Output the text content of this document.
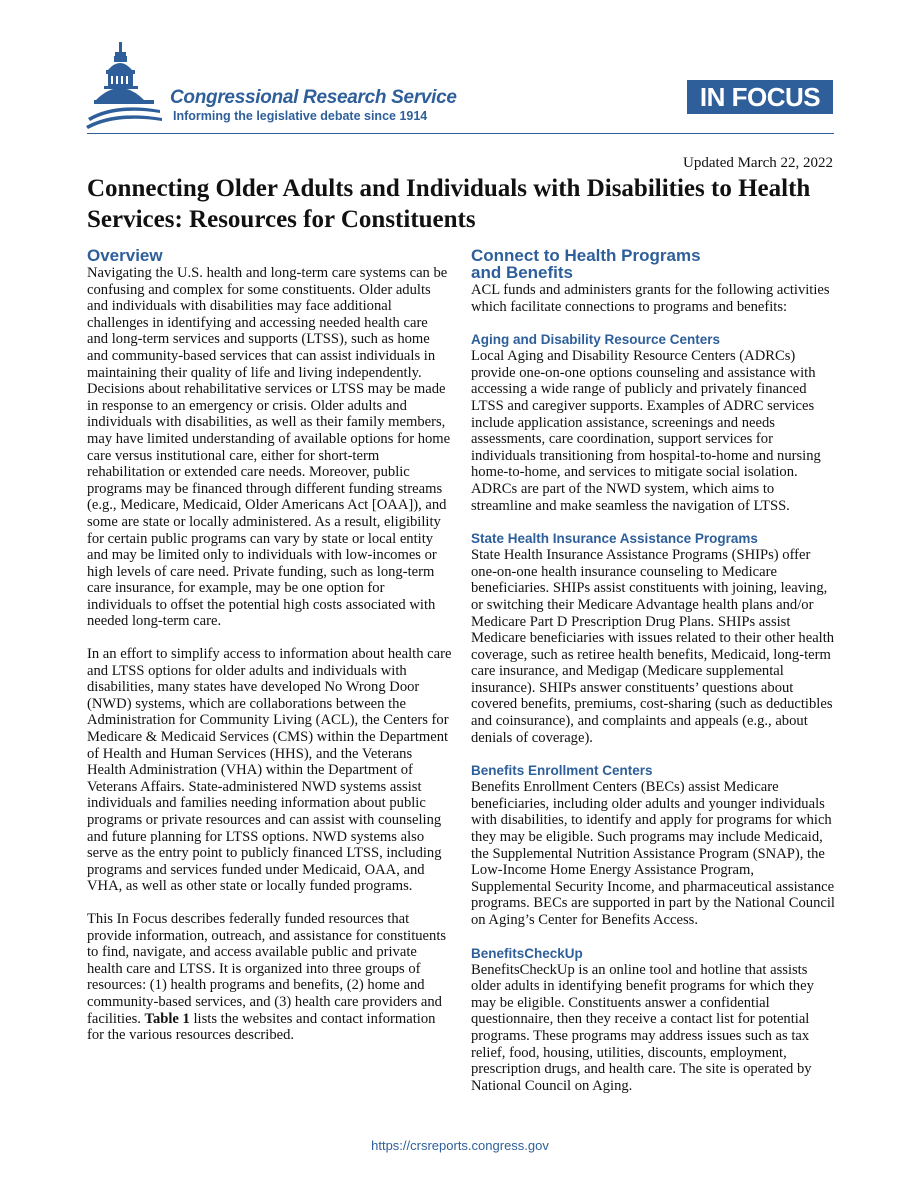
Congressional Research Service
Informing the legislative debate since 1914
IN FOCUS
Updated March 22, 2022
Connecting Older Adults and Individuals with Disabilities to Health Services: Resources for Constituents
Overview

Navigating the U.S. health and long-term care systems can be confusing and complex for some constituents. Older adults and individuals with disabilities may face additional challenges in identifying and accessing needed health care and long-term services and supports (LTSS), such as home and community-based services that can assist individuals in maintaining their quality of life and living independently. Decisions about rehabilitative services or LTSS may be made in response to an emergency or crisis. Older adults and individuals with disabilities, as well as their family members, may have limited understanding of available options for home care versus institutional care, either for short-term rehabilitation or extended care needs. Moreover, public programs may be financed through different funding streams (e.g., Medicare, Medicaid, Older Americans Act [OAA]), and some are state or locally administered. As a result, eligibility for certain public programs can vary by state or local entity and may be limited only to individuals with low-incomes or high levels of care need. Private funding, such as long-term care insurance, for example, may be one option for individuals to offset the potential high costs associated with needed long-term care.

In an effort to simplify access to information about health care and LTSS options for older adults and individuals with disabilities, many states have developed No Wrong Door (NWD) systems, which are collaborations between the Administration for Community Living (ACL), the Centers for Medicare & Medicaid Services (CMS) within the Department of Health and Human Services (HHS), and the Veterans Health Administration (VHA) within the Department of Veterans Affairs. State-administered NWD systems assist individuals and families needing information about public programs or private resources and can assist with counseling and future planning for LTSS options. NWD systems also serve as the entry point to publicly financed LTSS, including programs and services funded under Medicaid, OAA, and VHA, as well as other state or locally funded programs.

This In Focus describes federally funded resources that provide information, outreach, and assistance for constituents to find, navigate, and access available public and private health care and LTSS. It is organized into three groups of resources: (1) health programs and benefits, (2) home and community-based services, and (3) health care providers and facilities. Table 1 lists the websites and contact information for the various resources described.

Connect to Health Programs
and Benefits

ACL funds and administers grants for the following activities which facilitate connections to programs and benefits:

Aging and Disability Resource Centers

Local Aging and Disability Resource Centers (ADRCs) provide one-on-one options counseling and assistance with accessing a wide range of publicly and privately financed LTSS and caregiver supports. Examples of ADRC services include application assistance, screenings and needs assessments, care coordination, support services for individuals transitioning from hospital-to-home and nursing home-to-home, and services to mitigate social isolation. ADRCs are part of the NWD system, which aims to streamline and make seamless the navigation of LTSS.

State Health Insurance Assistance Programs

State Health Insurance Assistance Programs (SHIPs) offer one-on-one health insurance counseling to Medicare beneficiaries. SHIPs assist constituents with joining, leaving, or switching their Medicare Advantage health plans and/or Medicare Part D Prescription Drug Plans. SHIPs assist Medicare beneficiaries with issues related to their other health coverage, such as retiree health benefits, Medicaid, long-term care insurance, and Medigap (Medicare supplemental insurance). SHIPs answer constituents’ questions about covered benefits, premiums, cost-sharing (such as deductibles and coinsurance), and complaints and appeals (e.g., about denials of coverage).

Benefits Enrollment Centers

Benefits Enrollment Centers (BECs) assist Medicare beneficiaries, including older adults and younger individuals with disabilities, to identify and apply for programs for which they may be eligible. Such programs may include Medicaid, the Supplemental Nutrition Assistance Program (SNAP), the Low-Income Home Energy Assistance Program, Supplemental Security Income, and pharmaceutical assistance programs. BECs are supported in part by the National Council on Aging’s Center for Benefits Access.

BenefitsCheckUp

BenefitsCheckUp is an online tool and hotline that assists older adults in identifying benefit programs for which they may be eligible. Constituents answer a confidential questionnaire, then they receive a contact list for potential programs. These programs may address issues such as tax relief, food, housing, utilities, discounts, employment, prescription drugs, and health care. The site is operated by National Council on Aging.

https://crsreports.congress.gov
